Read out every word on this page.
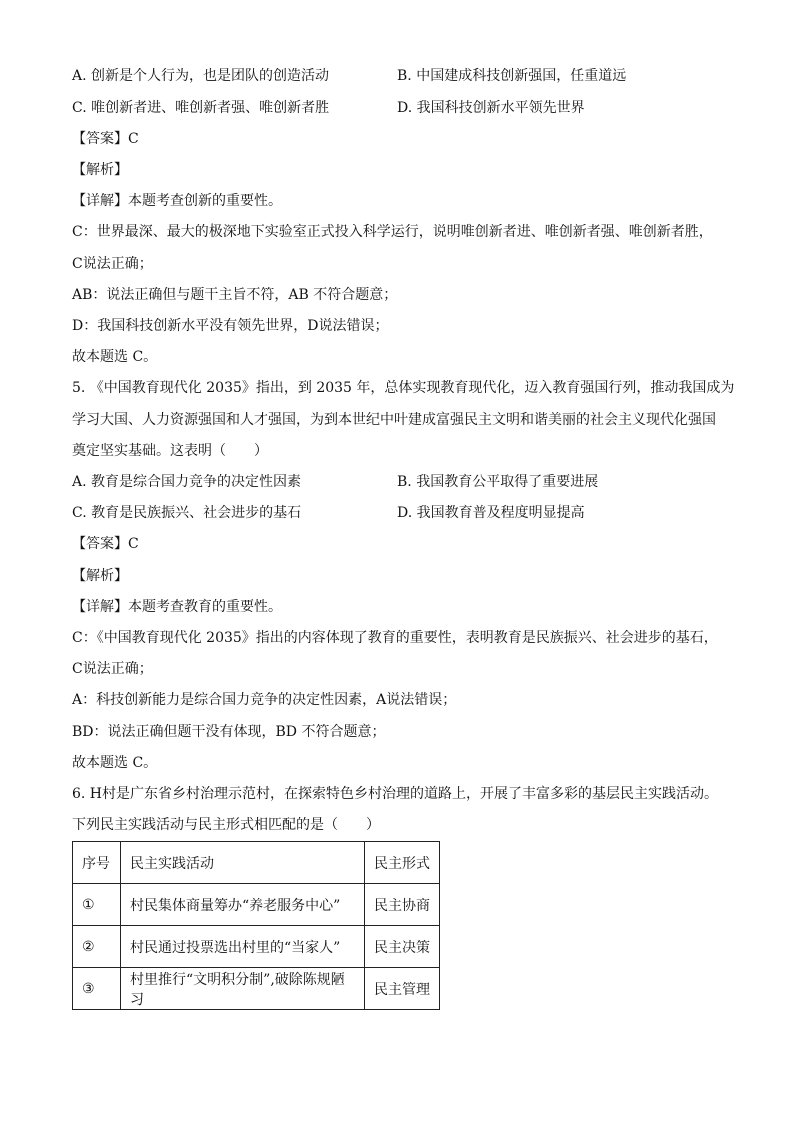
A. 创新是个人行为，也是团队的创造活动	B. 中国建成科技创新强国，任重道远
C. 唯创新者进、唯创新者强、唯创新者胜	D. 我国科技创新水平领先世界
【答案】C
【解析】
【详解】本题考查创新的重要性。
C：世界最深、最大的极深地下实验室正式投入科学运行，说明唯创新者进、唯创新者强、唯创新者胜，
C说法正确；
AB：说法正确但与题干主旨不符，AB 不符合题意；
D：我国科技创新水平没有领先世界，D说法错误；
故本题选 C。
5. 《中国教育现代化 2035》指出，到 2035 年，总体实现教育现代化，迈入教育强国行列，推动我国成为
学习大国、人力资源强国和人才强国，为到本世纪中叶建成富强民主文明和谐美丽的社会主义现代化强国
奠定坚实基础。这表明（　　）
A. 教育是综合国力竞争的决定性因素	B. 我国教育公平取得了重要进展
C. 教育是民族振兴、社会进步的基石	D. 我国教育普及程度明显提高
【答案】C
【解析】
【详解】本题考查教育的重要性。
C：《中国教育现代化 2035》指出的内容体现了教育的重要性，表明教育是民族振兴、社会进步的基石，
C说法正确；
A：科技创新能力是综合国力竞争的决定性因素，A说法错误；
BD：说法正确但题干没有体现，BD 不符合题意；
故本题选 C。
6. H村是广东省乡村治理示范村，在探索特色乡村治理的道路上，开展了丰富多彩的基层民主实践活动。
下列民主实践活动与民主形式相匹配的是（　　）
序号	民主实践活动	民主形式
①	村民集体商量筹办“养老服务中心”	民主协商
②	村民通过投票选出村里的“当家人”	民主决策
③	村里推行“文明积分制”,破除陈规陋习	民主管理
